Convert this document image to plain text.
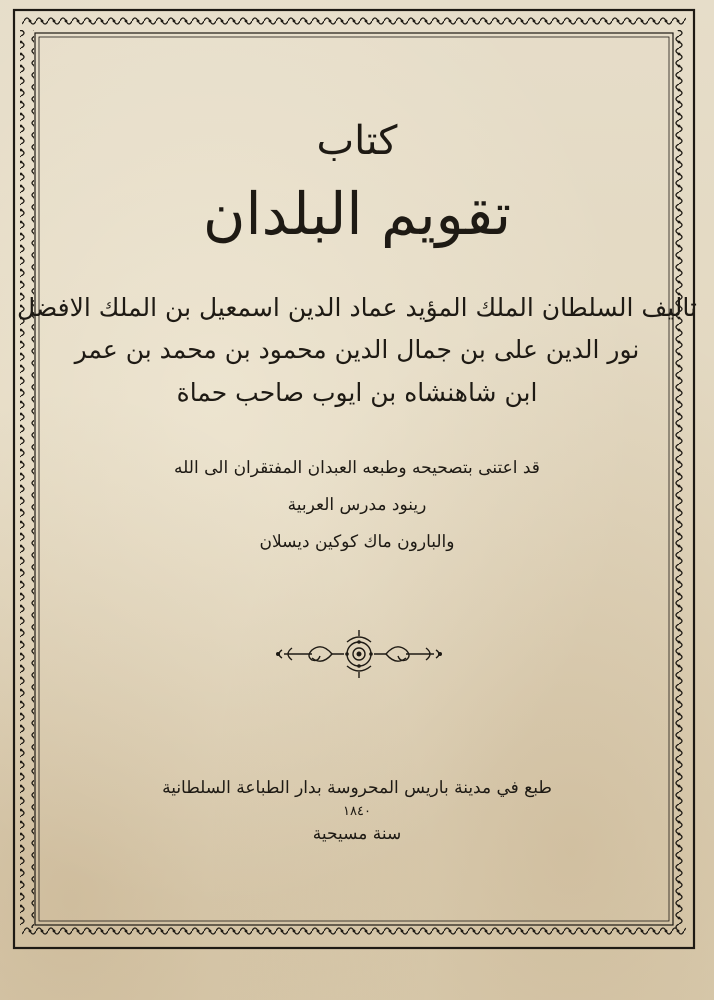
كتاب
تقويم البلدان
تاليف السلطان الملك المؤيد عماد الدين اسمعيل بن الملك الافضل
نور الدين على بن جمال الدين محمود بن محمد بن عمر
ابن شاهنشاه بن ايوب صاحب حماة
قد اعتنى بتصحيحه وطبعه العبدان المفتقران الى الله
رينود مدرس العربية
والبارون ماك كوكين ديسلان
طبع في مدينة باريس المحروسة بدار الطباعة السلطانية
١٨٤٠
سنة مسيحية
